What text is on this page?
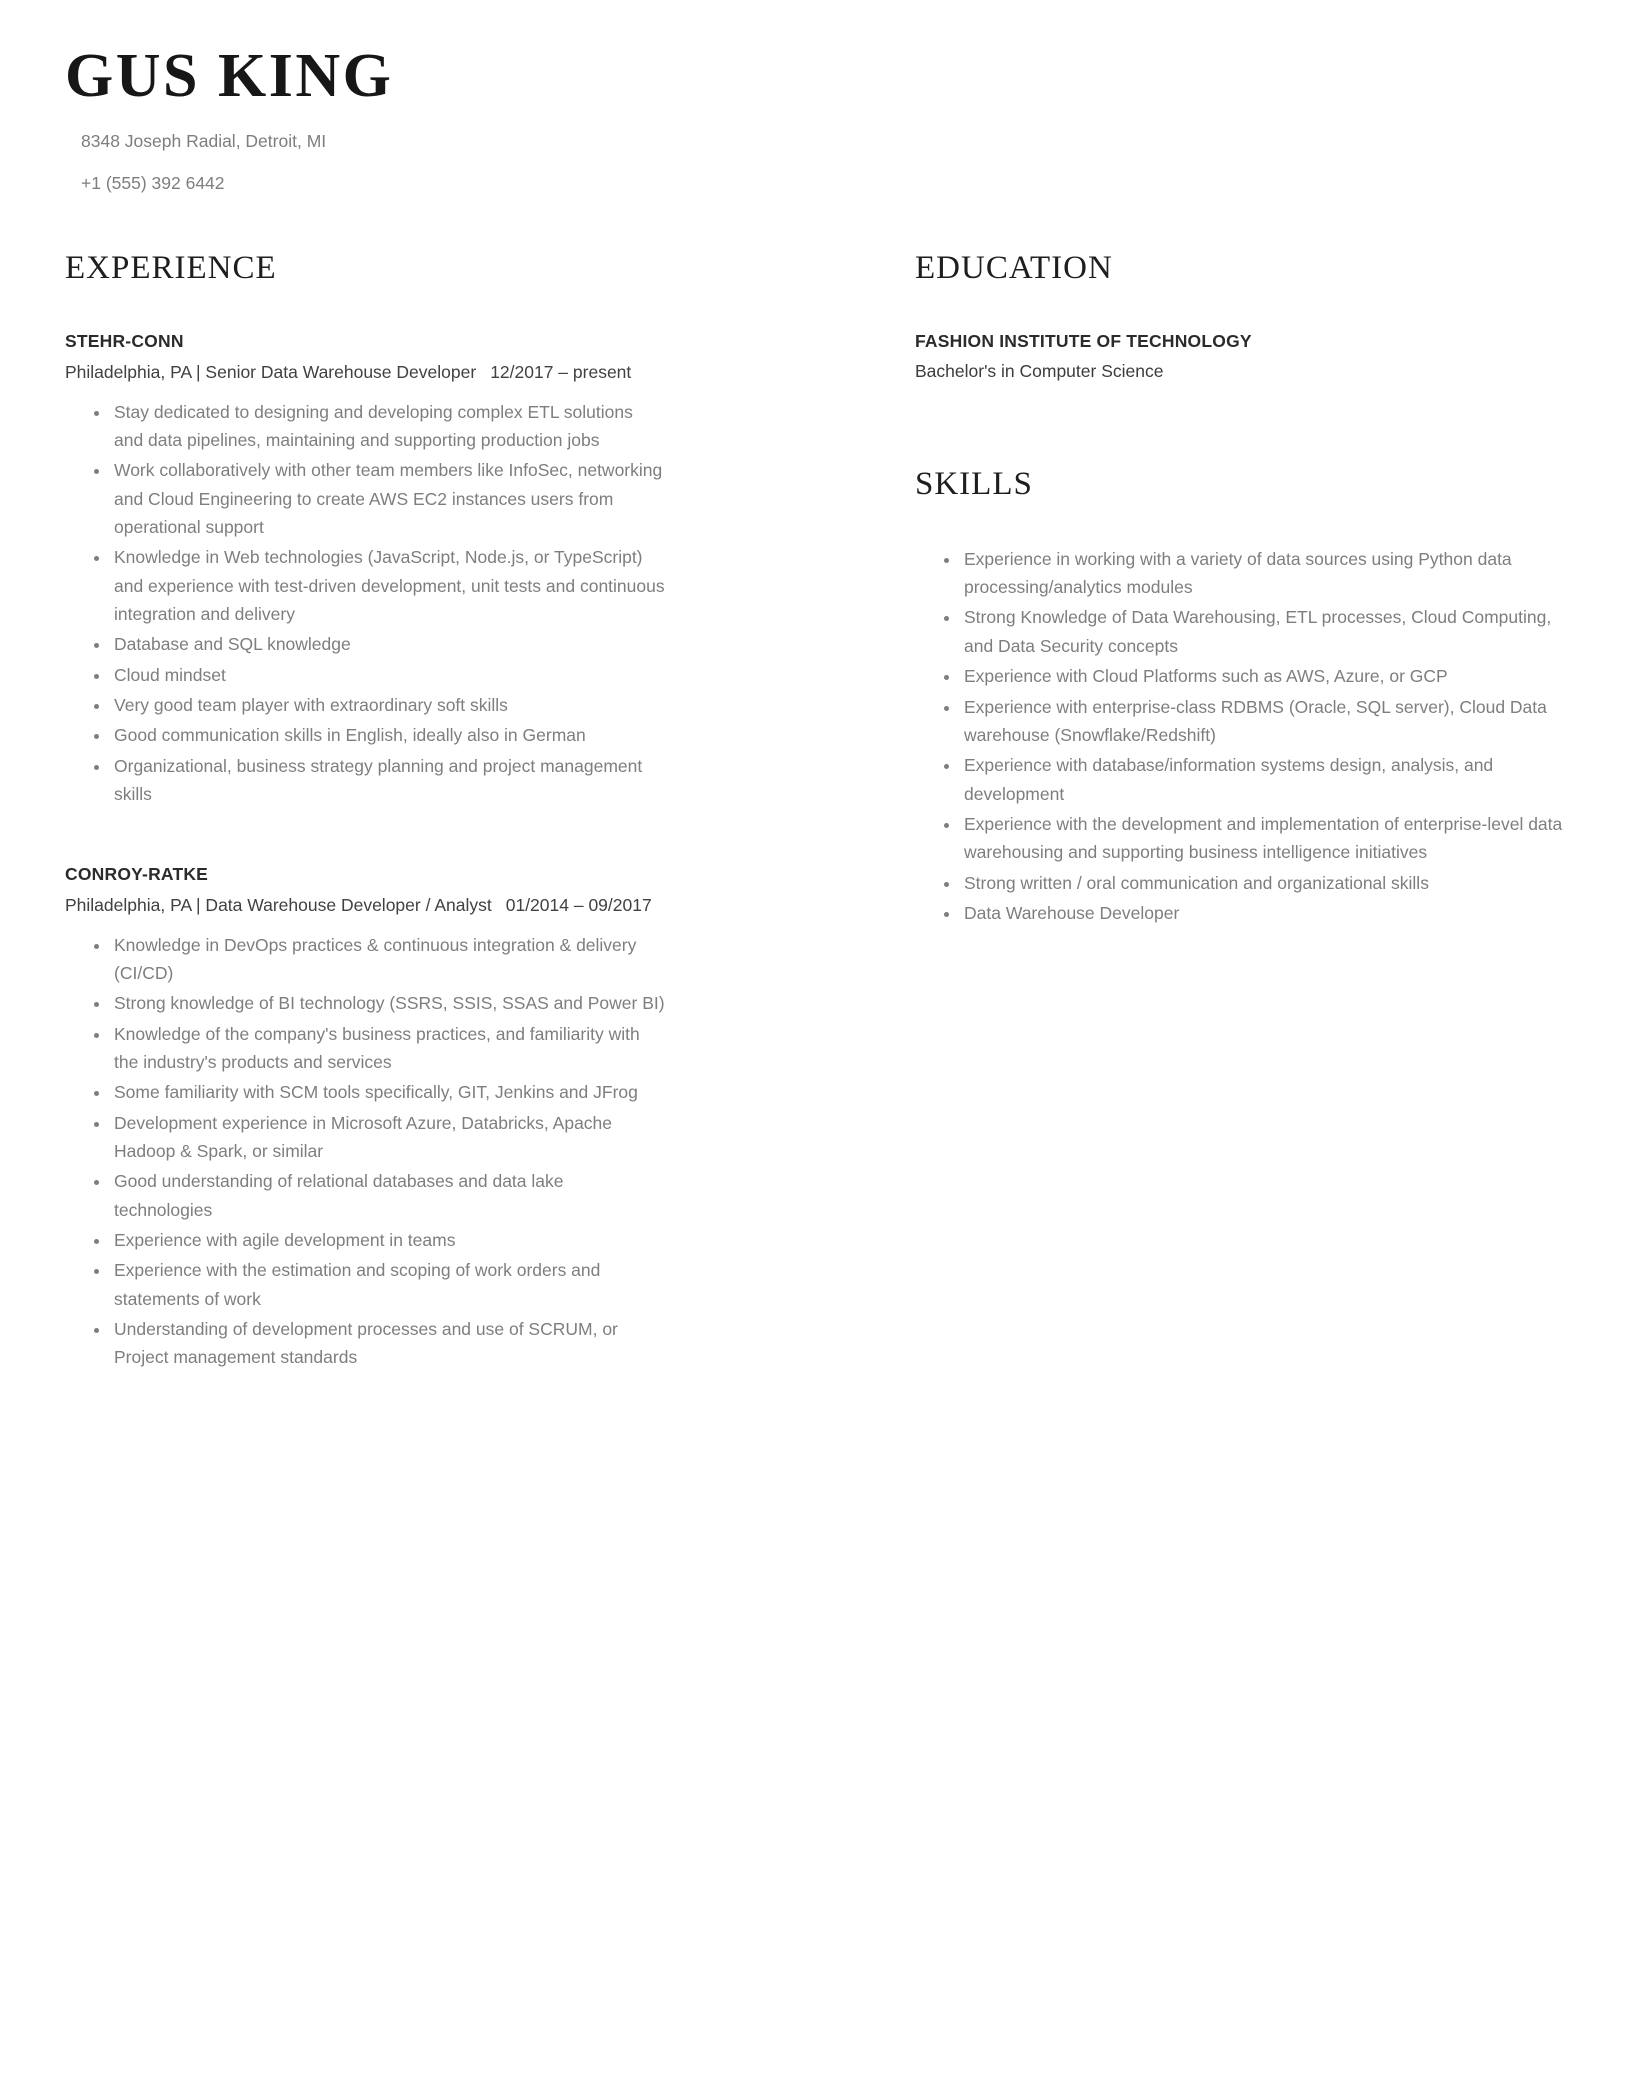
GUS KING

8348 Joseph Radial, Detroit, MI

+1 (555) 392 6442

EXPERIENCE
STEHR-CONN

Philadelphia, PA | Senior Data Warehouse Developer 12/2017 – present

• Stay dedicated to designing and developing complex ETL solutions and data pipelines, maintaining and supporting production jobs
• Work collaboratively with other team members like InfoSec, networking and Cloud Engineering to create AWS EC2 instances users from operational support
• Knowledge in Web technologies (JavaScript, Node.js, or TypeScript) and experience with test-driven development, unit tests and continuous integration and delivery
• Database and SQL knowledge
• Cloud mindset
• Very good team player with extraordinary soft skills
• Good communication skills in English, ideally also in German
• Organizational, business strategy planning and project management skills
CONROY-RATKE

Philadelphia, PA | Data Warehouse Developer / Analyst 01/2014 – 09/2017

• Knowledge in DevOps practices & continuous integration & delivery (CI/CD)
• Strong knowledge of BI technology (SSRS, SSIS, SSAS and Power BI)
• Knowledge of the company's business practices, and familiarity with the industry's products and services
• Some familiarity with SCM tools specifically, GIT, Jenkins and JFrog
• Development experience in Microsoft Azure, Databricks, Apache Hadoop & Spark, or similar
• Good understanding of relational databases and data lake technologies
• Experience with agile development in teams
• Experience with the estimation and scoping of work orders and statements of work
• Understanding of development processes and use of SCRUM, or Project management standards
EDUCATION
FASHION INSTITUTE OF TECHNOLOGY

Bachelor's in Computer Science

SKILLS
• Experience in working with a variety of data sources using Python data processing/analytics modules
• Strong Knowledge of Data Warehousing, ETL processes, Cloud Computing, and Data Security concepts
• Experience with Cloud Platforms such as AWS, Azure, or GCP
• Experience with enterprise-class RDBMS (Oracle, SQL server), Cloud Data warehouse (Snowflake/Redshift)
• Experience with database/information systems design, analysis, and development
• Experience with the development and implementation of enterprise-level data warehousing and supporting business intelligence initiatives
• Strong written / oral communication and organizational skills
• Data Warehouse Developer
